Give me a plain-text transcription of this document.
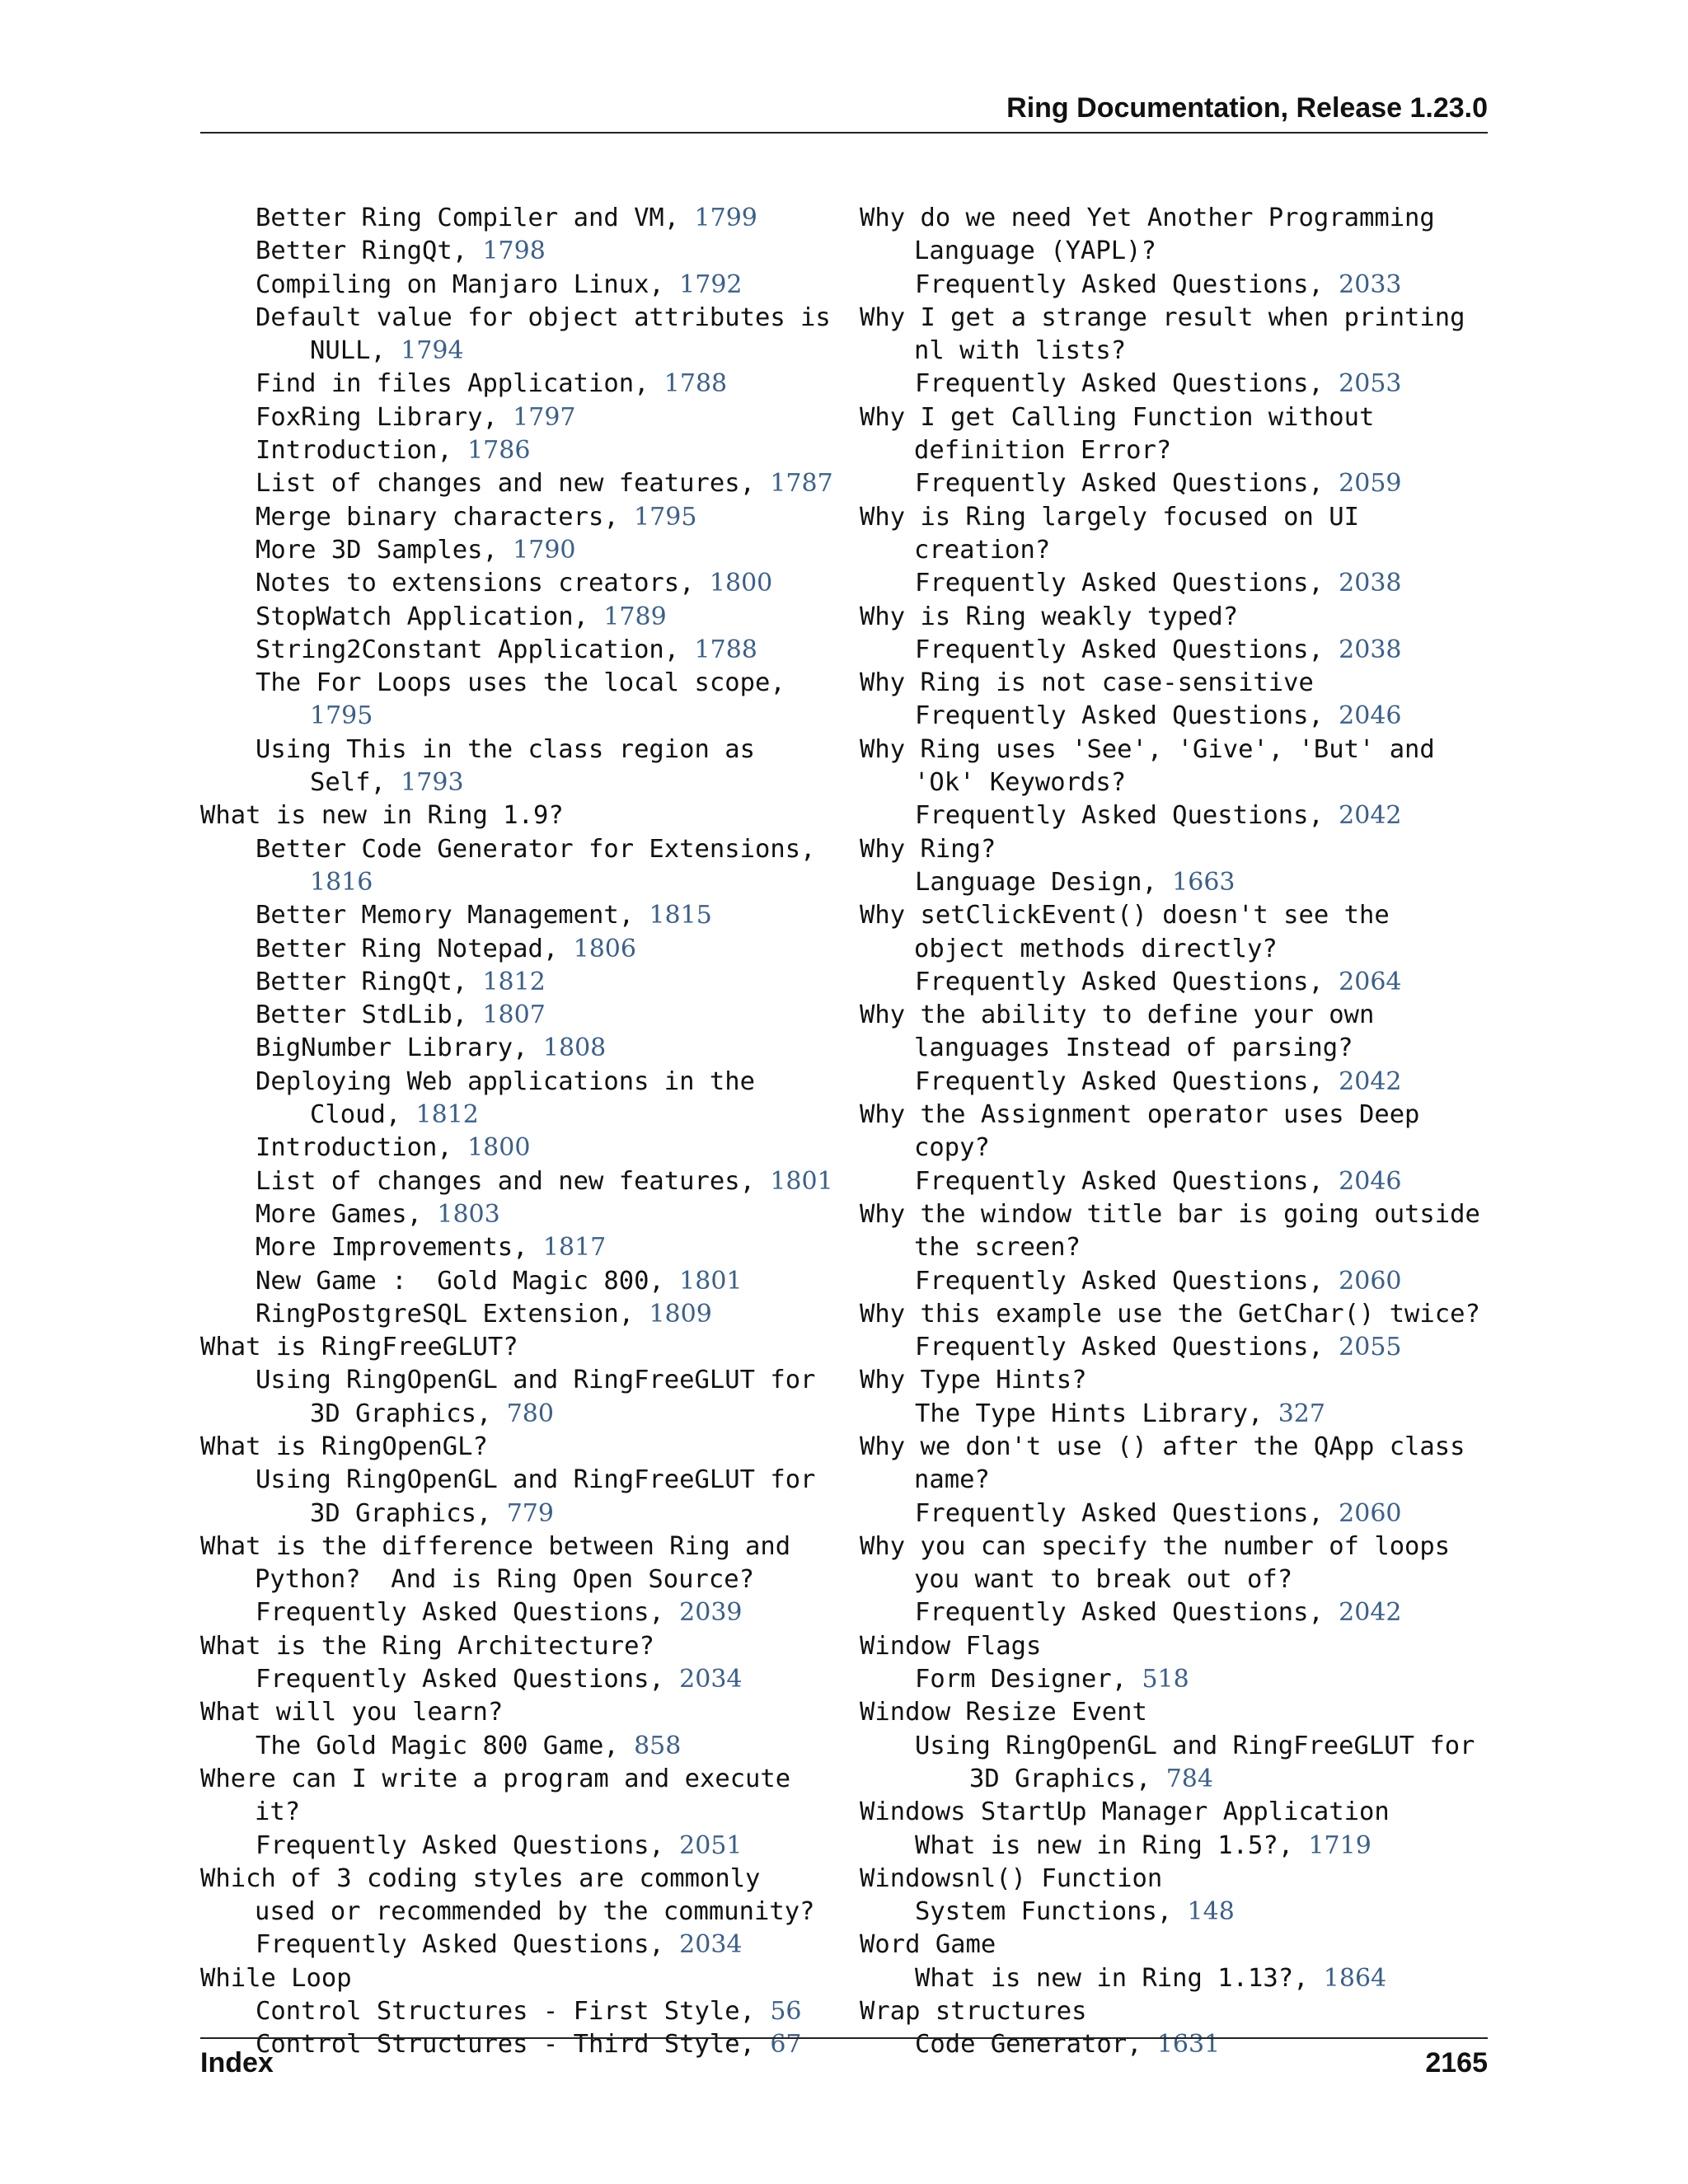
Ring Documentation, Release 1.23.0
Better Ring Compiler and VM, 1799
Better RingQt, 1798
Compiling on Manjaro Linux, 1792
Default value for object attributes is NULL, 1794
Find in files Application, 1788
FoxRing Library, 1797
Introduction, 1786
List of changes and new features, 1787
Merge binary characters, 1795
More 3D Samples, 1790
Notes to extensions creators, 1800
StopWatch Application, 1789
String2Constant Application, 1788
The For Loops uses the local scope, 1795
Using This in the class region as Self, 1793
What is new in Ring 1.9?
Better Code Generator for Extensions, 1816
Better Memory Management, 1815
Better Ring Notepad, 1806
Better RingQt, 1812
Better StdLib, 1807
BigNumber Library, 1808
Deploying Web applications in the Cloud, 1812
Introduction, 1800
List of changes and new features, 1801
More Games, 1803
More Improvements, 1817
New Game :  Gold Magic 800, 1801
RingPostgreSQL Extension, 1809
What is RingFreeGLUT?
Using RingOpenGL and RingFreeGLUT for 3D Graphics, 780
What is RingOpenGL?
Using RingOpenGL and RingFreeGLUT for 3D Graphics, 779
What is the difference between Ring and Python?  And is Ring Open Source?
Frequently Asked Questions, 2039
What is the Ring Architecture?
Frequently Asked Questions, 2034
What will you learn?
The Gold Magic 800 Game, 858
Where can I write a program and execute it?
Frequently Asked Questions, 2051
Which of 3 coding styles are commonly used or recommended by the community?
Frequently Asked Questions, 2034
While Loop
Control Structures - First Style, 56
Control Structures - Third Style, 67
Why do we need Yet Another Programming Language (YAPL)?
Frequently Asked Questions, 2033
Why I get a strange result when printing nl with lists?
Frequently Asked Questions, 2053
Why I get Calling Function without definition Error?
Frequently Asked Questions, 2059
Why is Ring largely focused on UI creation?
Frequently Asked Questions, 2038
Why is Ring weakly typed?
Frequently Asked Questions, 2038
Why Ring is not case-sensitive
Frequently Asked Questions, 2046
Why Ring uses 'See', 'Give', 'But' and 'Ok' Keywords?
Frequently Asked Questions, 2042
Why Ring?
Language Design, 1663
Why setClickEvent() doesn't see the object methods directly?
Frequently Asked Questions, 2064
Why the ability to define your own languages Instead of parsing?
Frequently Asked Questions, 2042
Why the Assignment operator uses Deep copy?
Frequently Asked Questions, 2046
Why the window title bar is going outside the screen?
Frequently Asked Questions, 2060
Why this example use the GetChar() twice?
Frequently Asked Questions, 2055
Why Type Hints?
The Type Hints Library, 327
Why we don't use () after the QApp class name?
Frequently Asked Questions, 2060
Why you can specify the number of loops you want to break out of?
Frequently Asked Questions, 2042
Window Flags
Form Designer, 518
Window Resize Event
Using RingOpenGL and RingFreeGLUT for 3D Graphics, 784
Windows StartUp Manager Application
What is new in Ring 1.5?, 1719
Windowsnl() Function
System Functions, 148
Word Game
What is new in Ring 1.13?, 1864
Wrap structures
Code Generator, 1631
Index	2165
